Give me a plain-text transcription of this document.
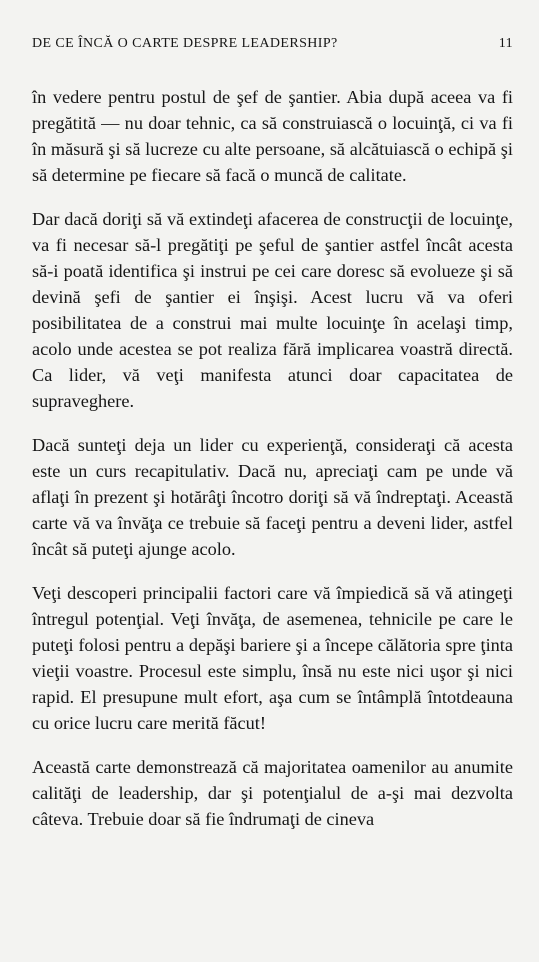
DE CE ÎNCĂ O CARTE DESPRE LEADERSHIP?	11

în vedere pentru postul de şef de şantier. Abia după aceea va fi pregătită — nu doar tehnic, ca să construiască o locuinţă, ci va fi în măsură şi să lucreze cu alte persoane, să alcătuiască o echipă şi să determine pe fiecare să facă o muncă de calitate.

Dar dacă doriţi să vă extindeţi afacerea de construcţii de locuinţe, va fi necesar să-l pregătiţi pe şeful de şantier astfel încât acesta să-i poată identifica şi instrui pe cei care doresc să evolueze şi să devină şefi de şantier ei înşişi. Acest lucru vă va oferi posibilitatea de a construi mai multe locuinţe în acelaşi timp, acolo unde acestea se pot realiza fără implicarea voastră directă. Ca lider, vă veţi manifesta atunci doar capacitatea de supraveghere.

Dacă sunteţi deja un lider cu experienţă, consideraţi că acesta este un curs recapitulativ. Dacă nu, apreciaţi cam pe unde vă aflaţi în prezent şi hotărâţi încotro doriţi să vă îndreptaţi. Această carte vă va învăţa ce trebuie să faceţi pentru a deveni lider, astfel încât să puteţi ajunge acolo.

Veţi descoperi principalii factori care vă împiedică să vă atingeţi întregul potenţial. Veţi învăţa, de asemenea, tehnicile pe care le puteţi folosi pentru a depăşi bariere şi a începe călătoria spre ţinta vieţii voastre. Procesul este simplu, însă nu este nici uşor şi nici rapid. El presupune mult efort, aşa cum se întâmplă întotdeauna cu orice lucru care merită făcut!

Această carte demonstrează că majoritatea oamenilor au anumite calităţi de leadership, dar şi potenţialul de a-şi mai dezvolta câteva. Trebuie doar să fie îndrumaţi de cineva
